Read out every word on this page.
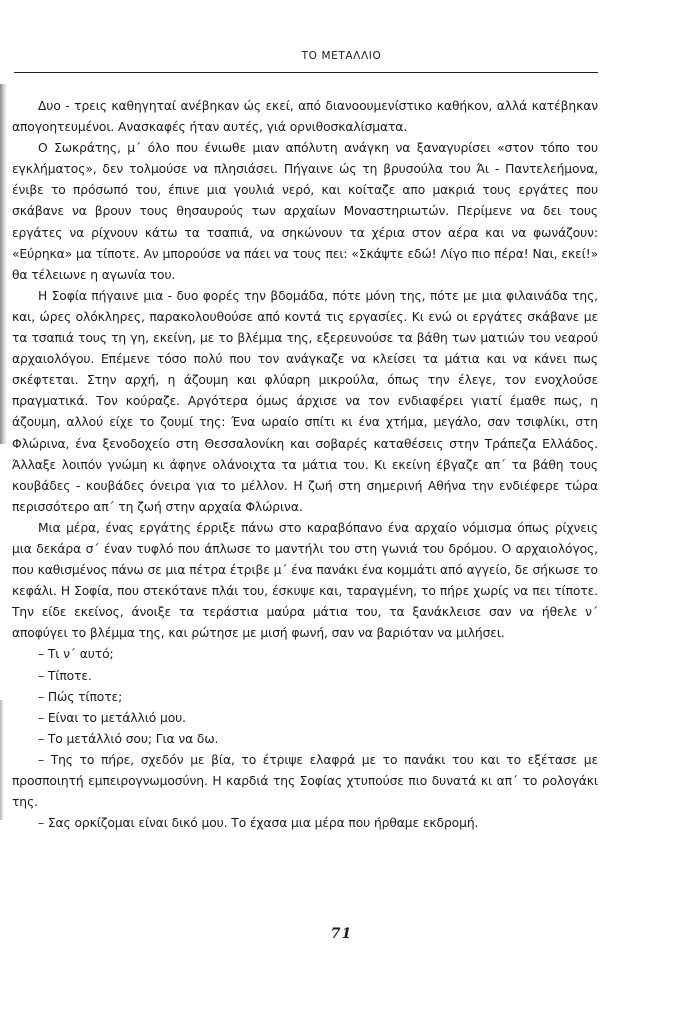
ΤΟ ΜΕΤΑΛΛΙΟ

Δυο - τρεις καθηγηταί ανέβηκαν ώς εκεί, από διανοουμενίστικο καθήκον, αλλά κατέβηκαν απογοητευμένοι. Ανασκαφές ήταν αυτές, γιά ορνιθοσκαλίσματα.

Ο Σωκράτης, μ΄ όλο που ένιωθε μιαν απόλυτη ανάγκη να ξαναγυρίσει «στον τόπο του εγκλήματος», δεν τολμούσε να πλησιάσει. Πήγαινε ώς τη βρυσούλα του Άι - Παντελεήμονα, ένιβε το πρόσωπό του, έπινε μια γουλιά νερό, και κοίταζε απο μακριά τους εργάτες που σκάβανε να βρουν τους θησαυρούς των αρχαίων Μοναστηριωτών. Περίμενε να δει τους εργάτες να ρίχνουν κάτω τα τσαπιά, να σηκώνουν τα χέρια στον αέρα και να φωνάζουν: «Εύρηκα» μα τίποτε. Αν μπορούσε να πάει να τους πει: «Σκάψτε εδώ! Λίγο πιο πέρα! Ναι, εκεί!» θα τέλειωνε η αγωνία του.

Η Σοφία πήγαινε μια - δυο φορές την βδομάδα, πότε μόνη της, πότε με μια φιλαινάδα της, και, ώρες ολόκληρες, παρακολουθούσε από κοντά τις εργασίες. Κι ενώ οι εργάτες σκάβανε με τα τσαπιά τους τη γη, εκείνη, με το βλέμμα της, εξερευνούσε τα βάθη των ματιών του νεαρού αρχαιολόγου. Επέμενε τόσο πολύ που τον ανάγκαζε να κλείσει τα μάτια και να κάνει πως σκέφτεται. Στην αρχή, η άζουμη και φλύαρη μικρούλα, όπως την έλεγε, τον ενοχλούσε πραγματικά. Τον κούραζε. Αργότερα όμως άρχισε να τον ενδιαφέρει γιατί έμαθε πως, η άζουμη, αλλού είχε το ζουμί της: Ένα ωραίο σπίτι κι ένα χτήμα, μεγάλο, σαν τσιφλίκι, στη Φλώρινα, ένα ξενοδοχείο στη Θεσσαλονίκη και σοβαρές καταθέσεις στην Τράπεζα Ελλάδος. Άλλαξε λοιπόν γνώμη κι άφηνε ολάνοιχτα τα μάτια του. Κι εκείνη έβγαζε απ΄ τα βάθη τους κουβάδες - κουβάδες όνειρα για το μέλλον. Η ζωή στη σημερινή Αθήνα την ενδιέφερε τώρα περισσότερο απ΄ τη ζωή στην αρχαία Φλώρινα.

Μια μέρα, ένας εργάτης έρριξε πάνω στο καραβόπανο ένα αρχαίο νόμισμα όπως ρίχνεις μια δεκάρα σ΄ έναν τυφλό που άπλωσε το μαντήλι του στη γωνιά του δρόμου. Ο αρχαιολόγος, που καθισμένος πάνω σε μια πέτρα έτριβε μ΄ ένα πανάκι ένα κομμάτι από αγγείο, δε σήκωσε το κεφάλι. Η Σοφία, που στεκότανε πλάι του, έσκυψε και, ταραγμένη, το πήρε χωρίς να πει τίποτε. Την είδε εκείνος, άνοιξε τα τεράστια μαύρα μάτια του, τα ξανάκλεισε σαν να ήθελε ν΄ αποφύγει το βλέμμα της, και ρώτησε με μισή φωνή, σαν να βαριόταν να μιλήσει.

– Τι ν΄ αυτό;

– Τίποτε.

– Πώς τίποτε;

– Είναι το μετάλλιό μου.

– Το μετάλλιό σου; Για να δω.

– Της το πήρε, σχεδόν με βία, το έτριψε ελαφρά με το πανάκι του και το εξέτασε με προσποιητή εμπειρογνωμοσύνη. Η καρδιά της Σοφίας χτυπούσε πιο δυνατά κι απ΄ το ρολογάκι της.

– Σας ορκίζομαι είναι δικό μου. Το έχασα μια μέρα που ήρθαμε εκδρομή.

71
